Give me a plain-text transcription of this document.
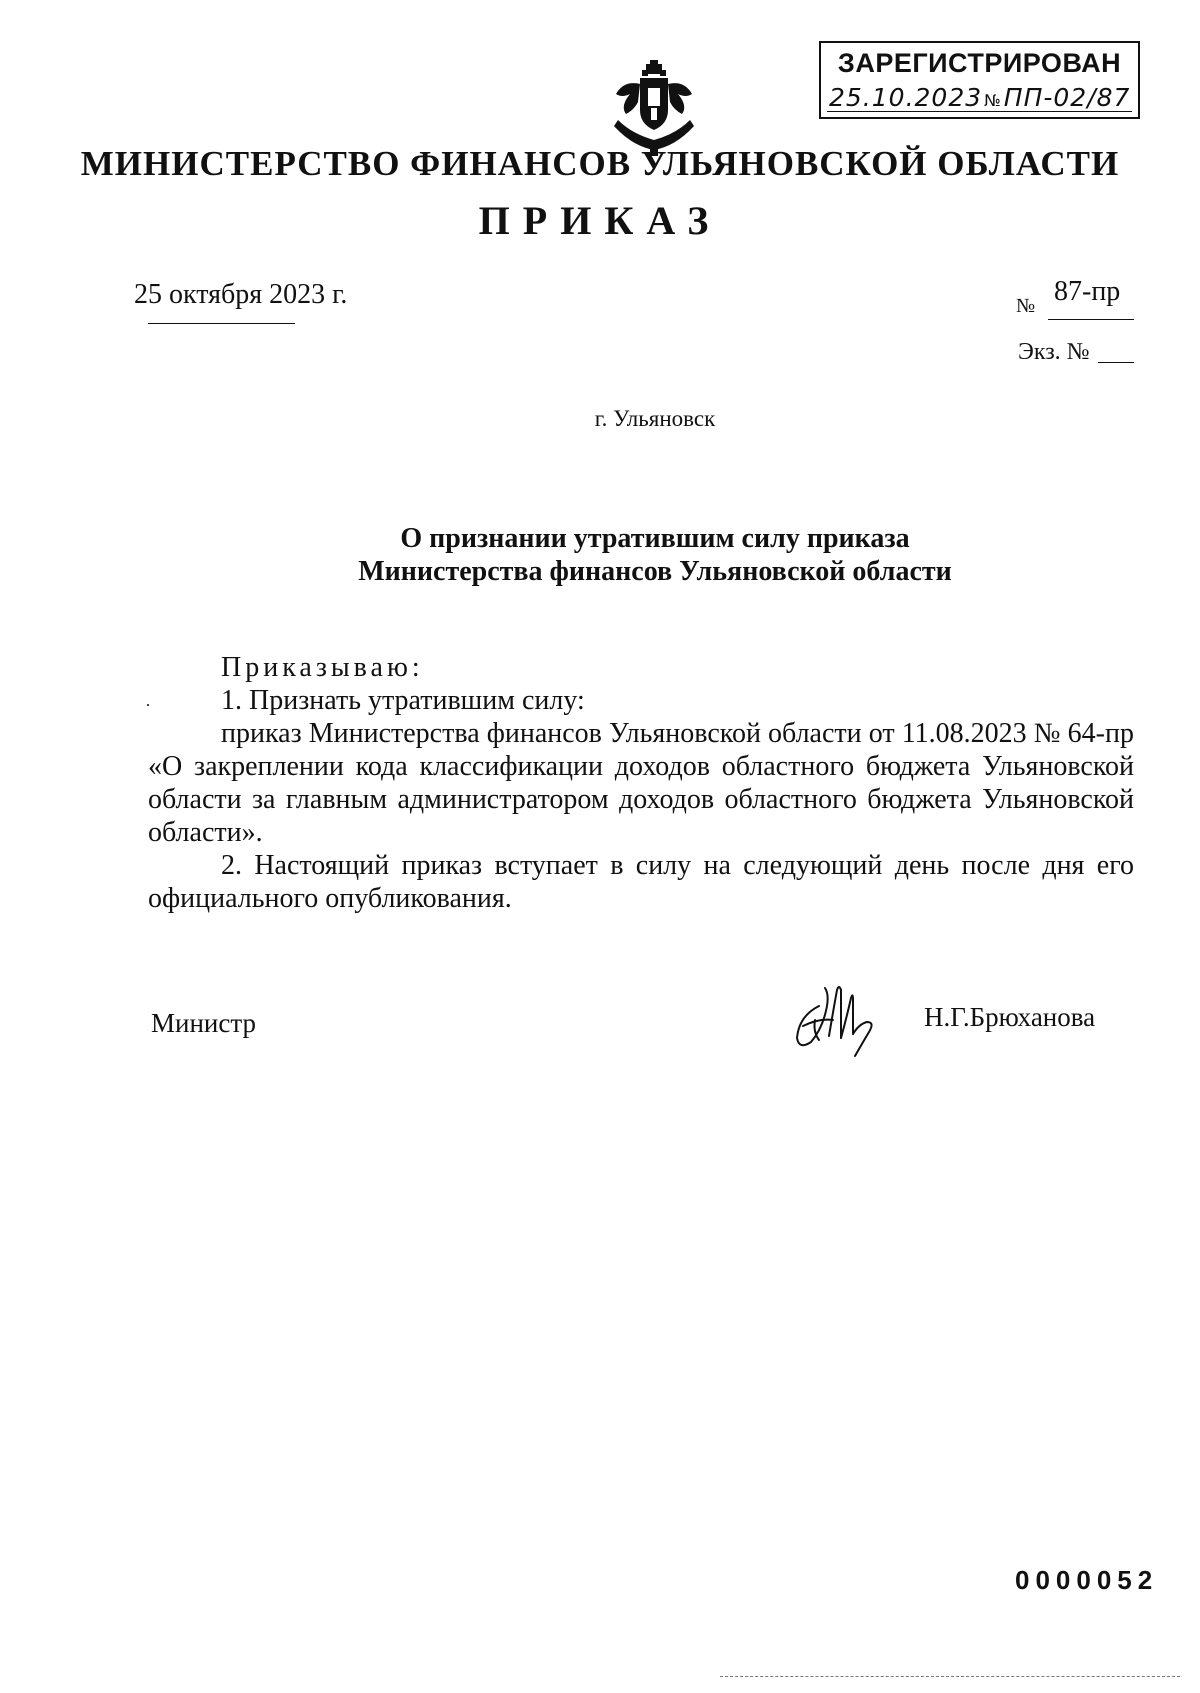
ЗАРЕГИСТРИРОВАН
25.10.2023 №ПП-02/87
МИНИСТЕРСТВО ФИНАНСОВ УЛЬЯНОВСКОЙ ОБЛАСТИ
ПРИКАЗ
25 октября 2023 г.	№ 87-пр
Экз. №
г. Ульяновск
О признании утратившим силу приказа
Министерства финансов Ульяновской области

Приказываю:

1. Признать утратившим силу:

приказ Министерства финансов Ульяновской области от 11.08.2023 № 64-пр «О закреплении кода классификации доходов областного бюджета Ульяновской области за главным администратором доходов областного бюджета Ульяновской области».

2. Настоящий приказ вступает в силу на следующий день после дня его официального опубликования.

Министр	Н.Г.Брюханова
0000052
